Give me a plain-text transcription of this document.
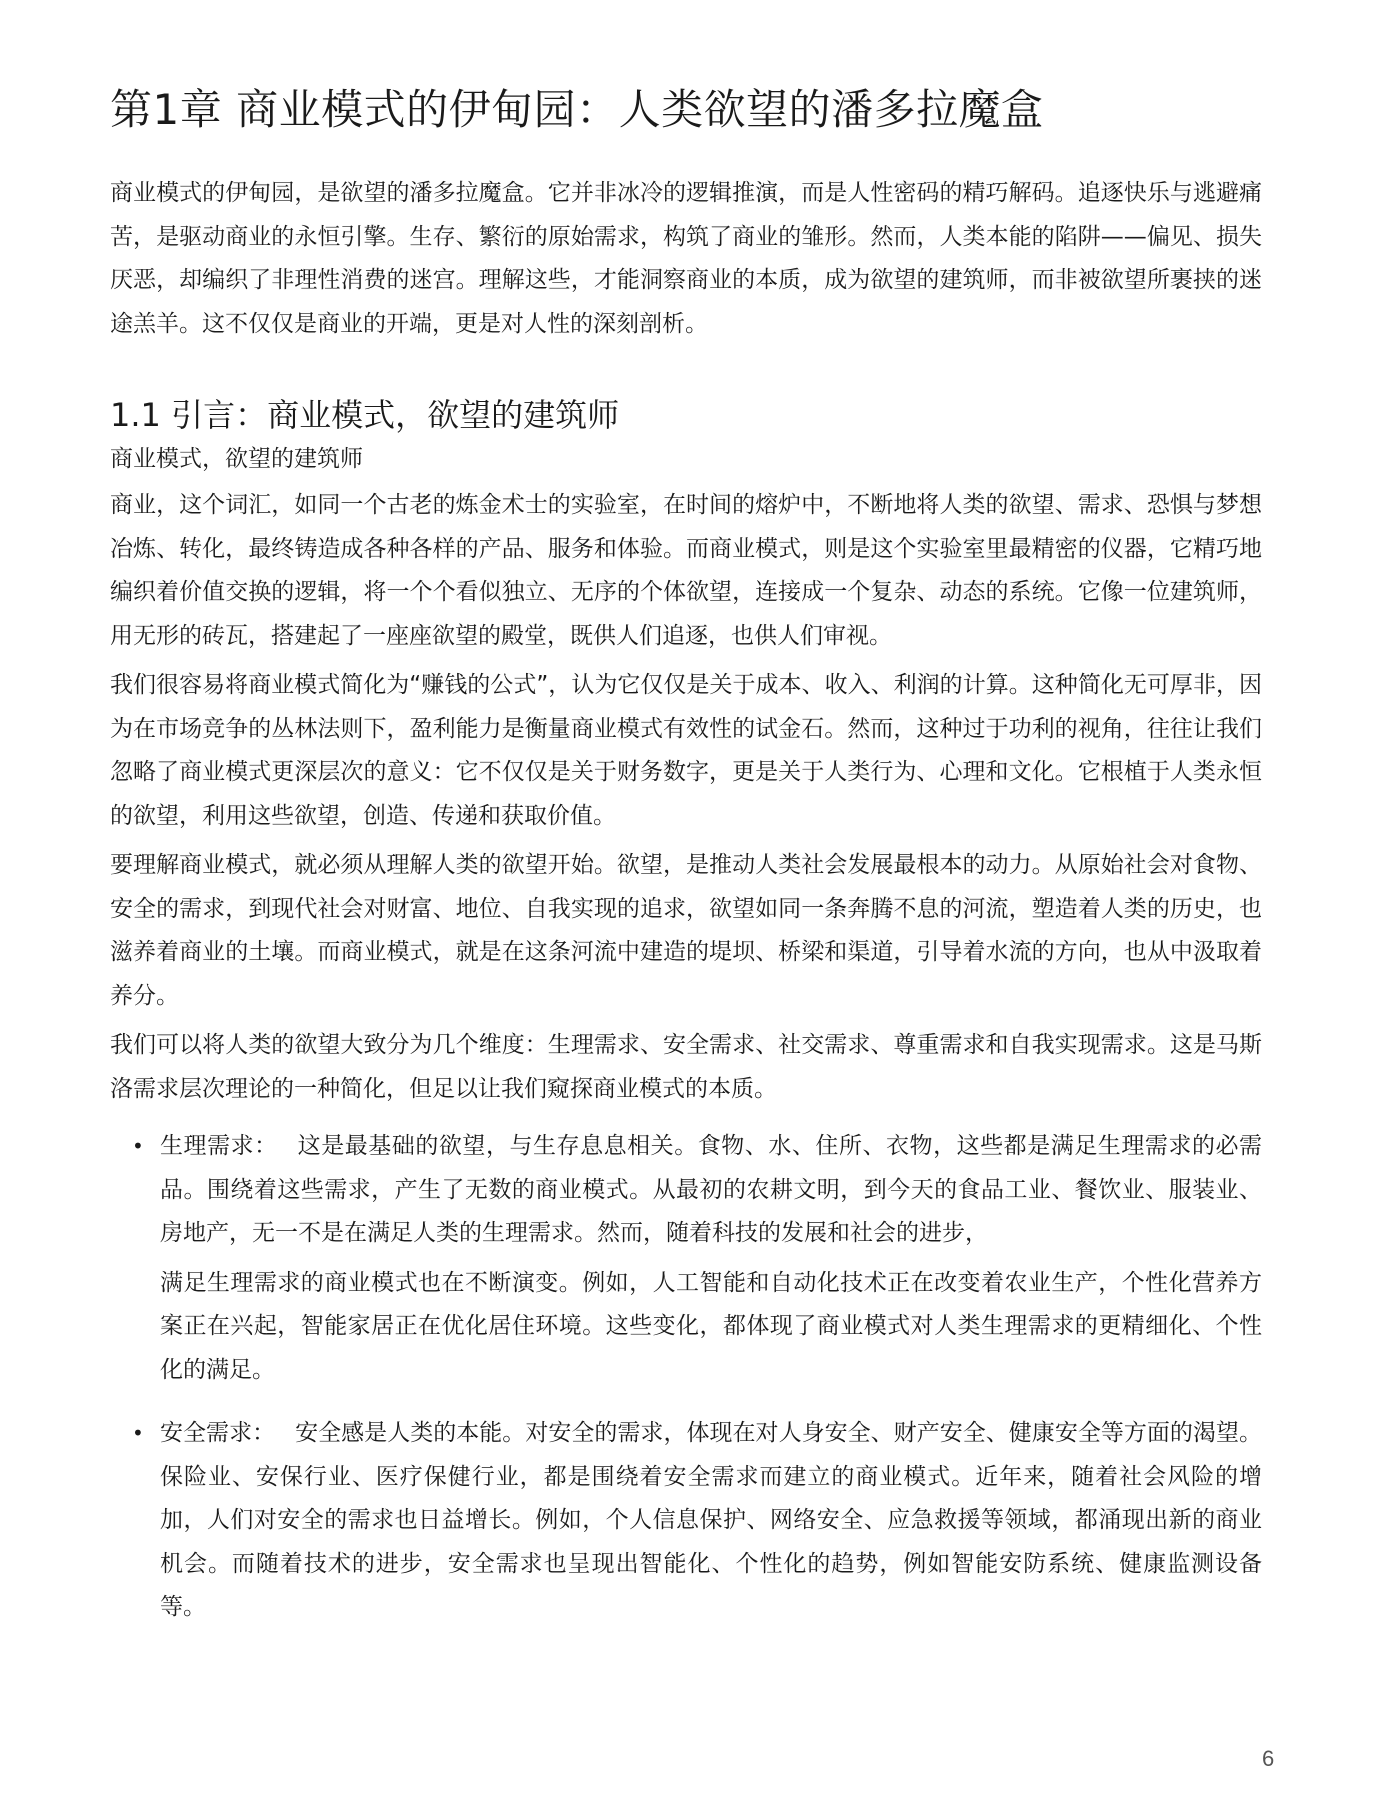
第1章 商业模式的伊甸园：人类欲望的潘多拉魔盒

商业模式的伊甸园，是欲望的潘多拉魔盒。它并非冰冷的逻辑推演，而是人性密码的精巧解码。追逐快乐与逃避痛苦，是驱动商业的永恒引擎。生存、繁衍的原始需求，构筑了商业的雏形。然而，人类本能的陷阱——偏见、损失厌恶，却编织了非理性消费的迷宫。理解这些，才能洞察商业的本质，成为欲望的建筑师，而非被欲望所裹挟的迷途羔羊。这不仅仅是商业的开端，更是对人性的深刻剖析。

1.1 引言：商业模式，欲望的建筑师

商业模式，欲望的建筑师

商业，这个词汇，如同一个古老的炼金术士的实验室，在时间的熔炉中，不断地将人类的欲望、需求、恐惧与梦想冶炼、转化，最终铸造成各种各样的产品、服务和体验。而商业模式，则是这个实验室里最精密的仪器，它精巧地编织着价值交换的逻辑，将一个个看似独立、无序的个体欲望，连接成一个复杂、动态的系统。它像一位建筑师，用无形的砖瓦，搭建起了一座座欲望的殿堂，既供人们追逐，也供人们审视。

我们很容易将商业模式简化为“赚钱的公式”，认为它仅仅是关于成本、收入、利润的计算。这种简化无可厚非，因为在市场竞争的丛林法则下，盈利能力是衡量商业模式有效性的试金石。然而，这种过于功利的视角，往往让我们忽略了商业模式更深层次的意义：它不仅仅是关于财务数字，更是关于人类行为、心理和文化。它根植于人类永恒的欲望，利用这些欲望，创造、传递和获取价值。

要理解商业模式，就必须从理解人类的欲望开始。欲望，是推动人类社会发展最根本的动力。从原始社会对食物、安全的需求，到现代社会对财富、地位、自我实现的追求，欲望如同一条奔腾不息的河流，塑造着人类的历史，也滋养着商业的土壤。而商业模式，就是在这条河流中建造的堤坝、桥梁和渠道，引导着水流的方向，也从中汲取着养分。

我们可以将人类的欲望大致分为几个维度：生理需求、安全需求、社交需求、尊重需求和自我实现需求。这是马斯洛需求层次理论的一种简化，但足以让我们窥探商业模式的本质。

• 生理需求： 这是最基础的欲望，与生存息息相关。食物、水、住所、衣物，这些都是满足生理需求的必需品。围绕着这些需求，产生了无数的商业模式。从最初的农耕文明，到今天的食品工业、餐饮业、服装业、房地产，无一不是在满足人类的生理需求。然而，随着科技的发展和社会的进步，

满足生理需求的商业模式也在不断演变。例如，人工智能和自动化技术正在改变着农业生产，个性化营养方案正在兴起，智能家居正在优化居住环境。这些变化，都体现了商业模式对人类生理需求的更精细化、个性化的满足。

• 安全需求： 安全感是人类的本能。对安全的需求，体现在对人身安全、财产安全、健康安全等方面的渴望。保险业、安保行业、医疗保健行业，都是围绕着安全需求而建立的商业模式。近年来，随着社会风险的增加，人们对安全的需求也日益增长。例如，个人信息保护、网络安全、应急救援等领域，都涌现出新的商业机会。而随着技术的进步，安全需求也呈现出智能化、个性化的趋势，例如智能安防系统、健康监测设备等。

6
